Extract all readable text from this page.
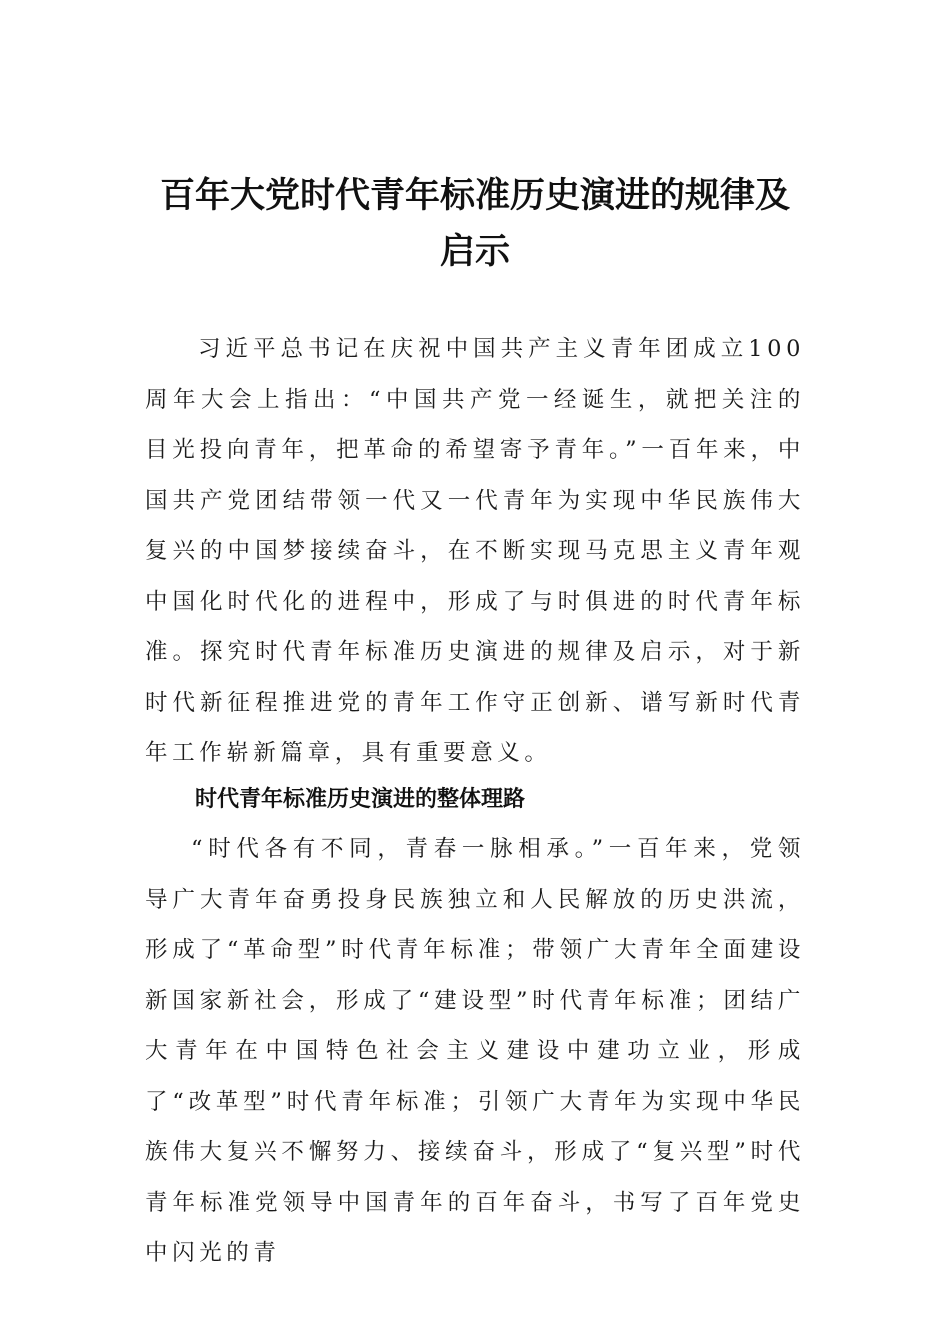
百年大党时代青年标准历史演进的规律及启示

习近平总书记在庆祝中国共产主义青年团成立100周年大会上指出：“中国共产党一经诞生，就把关注的目光投向青年，把革命的希望寄予青年。”一百年来，中国共产党团结带领一代又一代青年为实现中华民族伟大复兴的中国梦接续奋斗，在不断实现马克思主义青年观中国化时代化的进程中，形成了与时俱进的时代青年标准。探究时代青年标准历史演进的规律及启示，对于新时代新征程推进党的青年工作守正创新、谱写新时代青年工作崭新篇章，具有重要意义。

时代青年标准历史演进的整体理路

“时代各有不同，青春一脉相承。”一百年来，党领导广大青年奋勇投身民族独立和人民解放的历史洪流，形成了“革命型”时代青年标准；带领广大青年全面建设新国家新社会，形成了“建设型”时代青年标准；团结广大青年在中国特色社会主义建设中建功立业，形成了“改革型”时代青年标准；引领广大青年为实现中华民族伟大复兴不懈努力、接续奋斗，形成了“复兴型”时代青年标准党领导中国青年的百年奋斗，书写了百年党史中闪光的青
